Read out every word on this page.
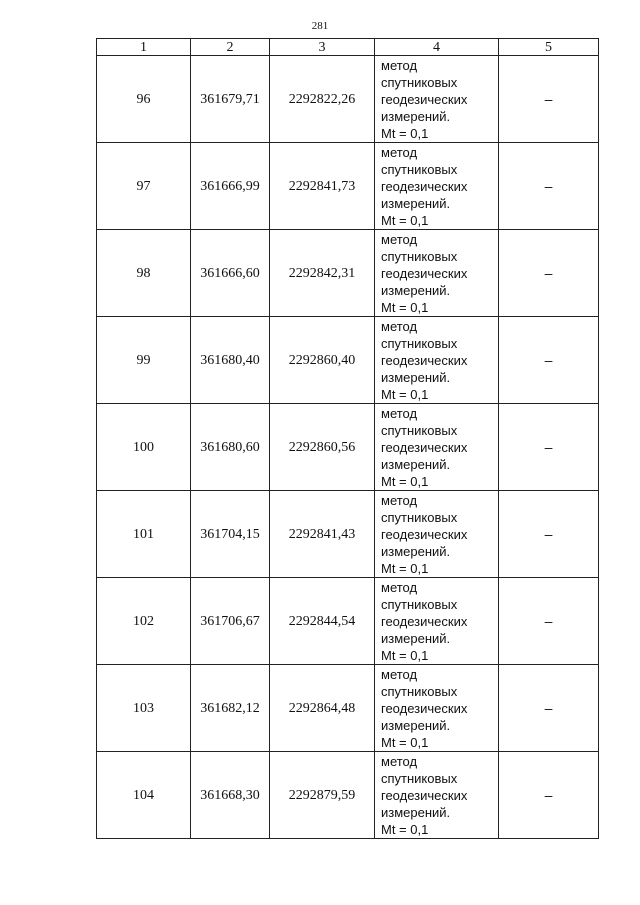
281
1	2	3	4	5
96	361679,71	2292822,26	метод
спутниковых
геодезических
измерений.
Mt = 0,1	–
97	361666,99	2292841,73	метод
спутниковых
геодезических
измерений.
Mt = 0,1	–
98	361666,60	2292842,31	метод
спутниковых
геодезических
измерений.
Mt = 0,1	–
99	361680,40	2292860,40	метод
спутниковых
геодезических
измерений.
Mt = 0,1	–
100	361680,60	2292860,56	метод
спутниковых
геодезических
измерений.
Mt = 0,1	–
101	361704,15	2292841,43	метод
спутниковых
геодезических
измерений.
Mt = 0,1	–
102	361706,67	2292844,54	метод
спутниковых
геодезических
измерений.
Mt = 0,1	–
103	361682,12	2292864,48	метод
спутниковых
геодезических
измерений.
Mt = 0,1	–
104	361668,30	2292879,59	метод
спутниковых
геодезических
измерений.
Mt = 0,1	–
